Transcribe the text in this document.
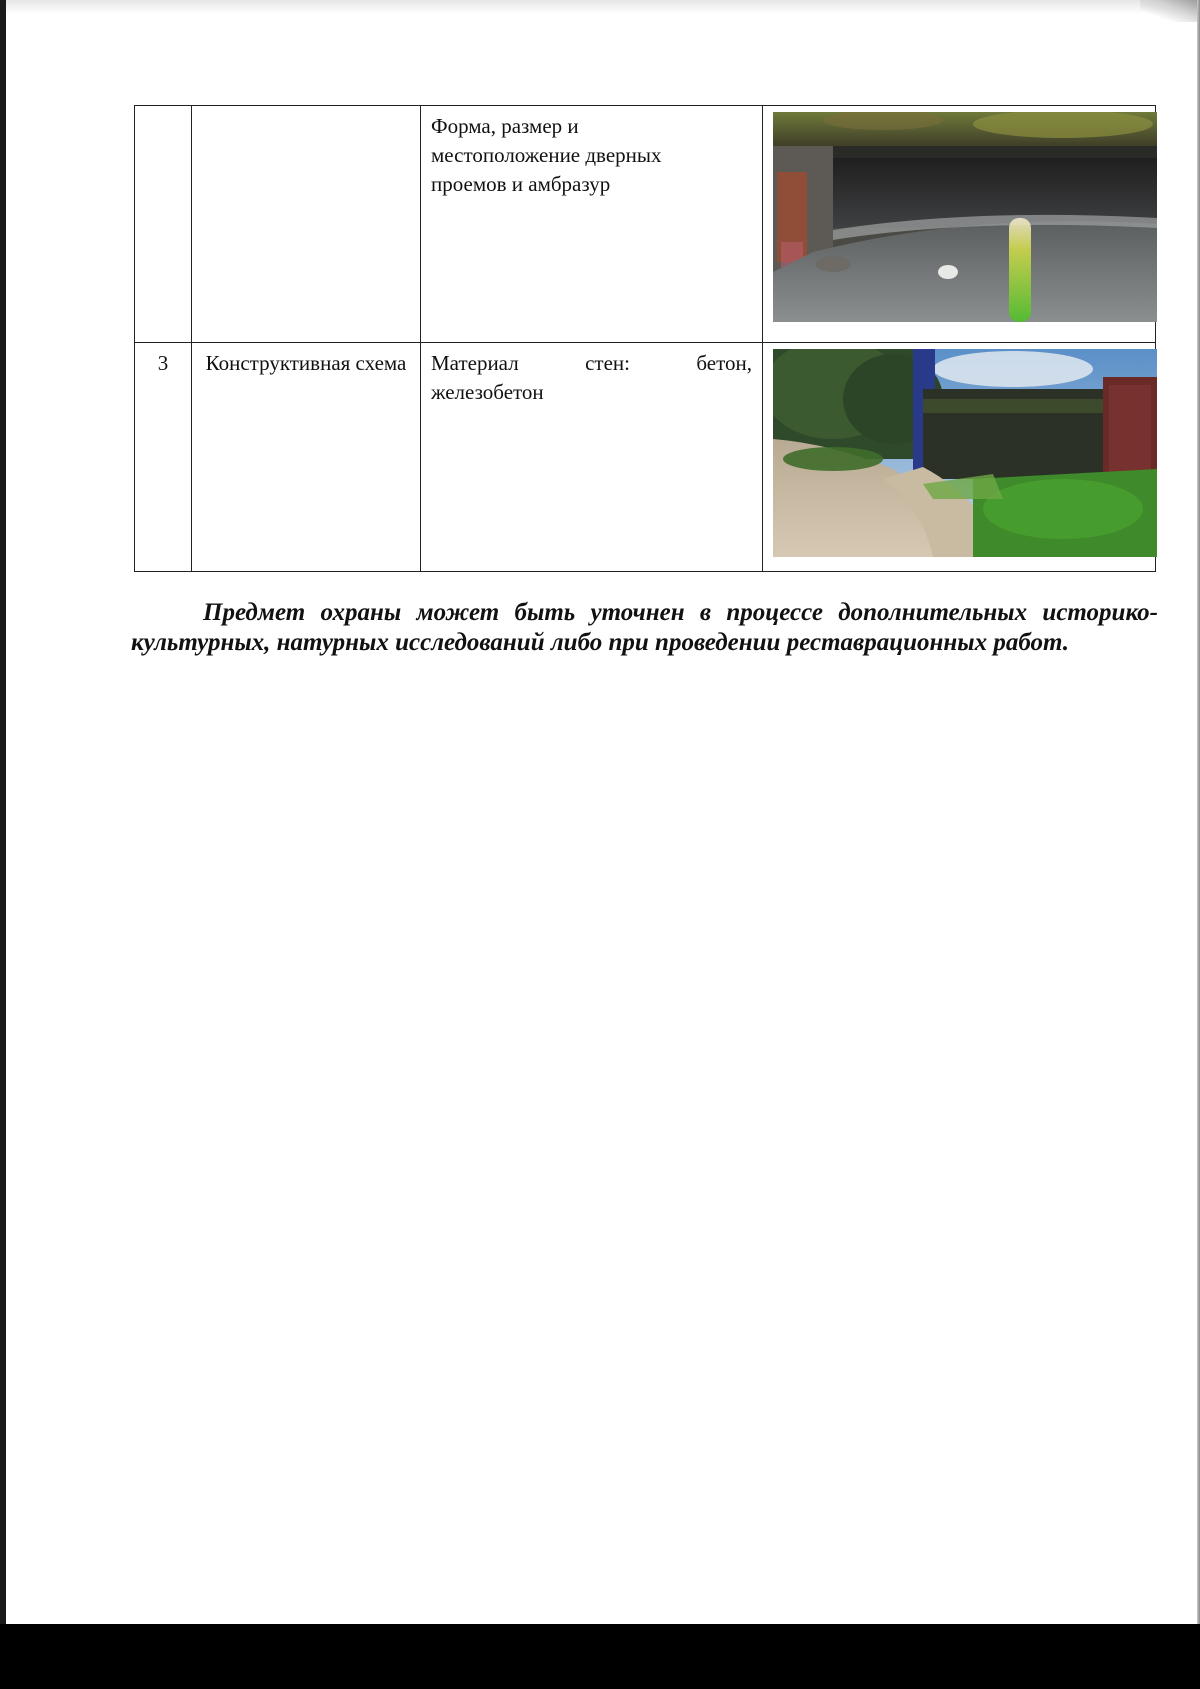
		Форма, размер и местоположение дверных проемов и амбразур

3	Конструктивная схема	Материал стен: бетон,
железобетон

Предмет охраны может быть уточнен в процессе дополнительных историко-культурных, натурных исследований либо при проведении реставрационных работ.
